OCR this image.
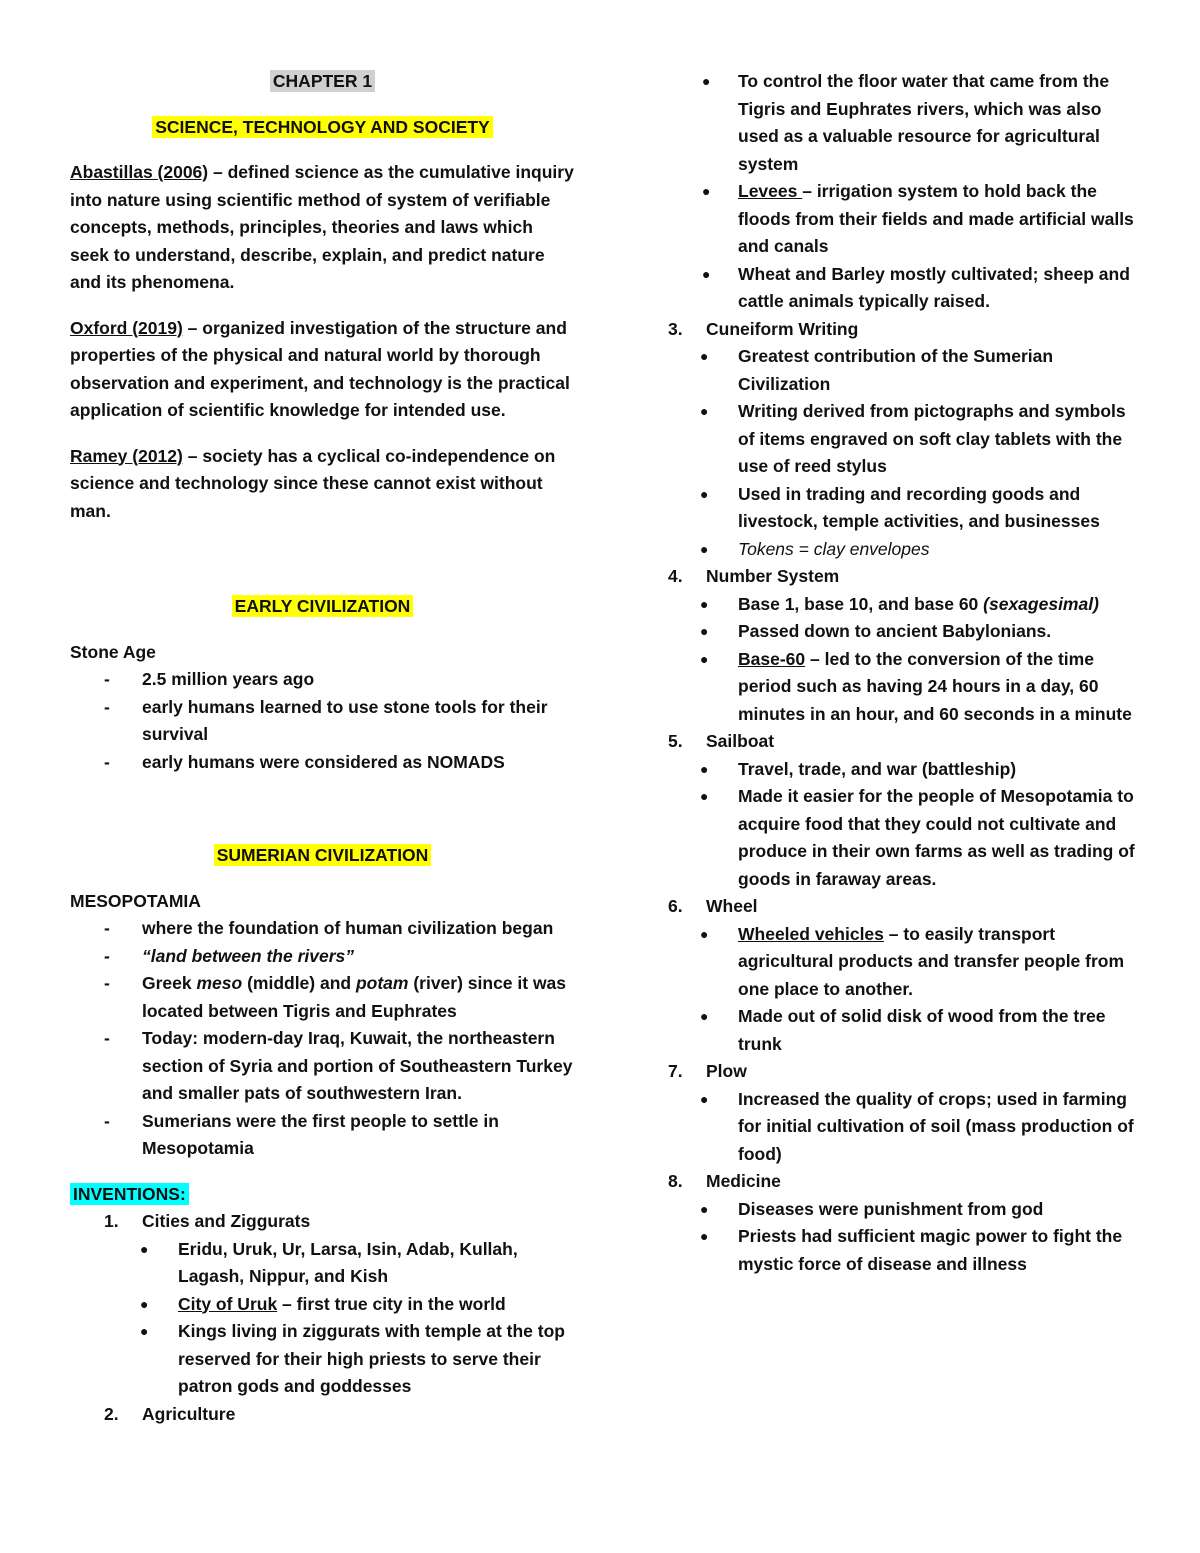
CHAPTER 1

SCIENCE, TECHNOLOGY AND SOCIETY

Abastillas (2006) – defined science as the cumulative inquiry into nature using scientific method of system of verifiable concepts, methods, principles, theories and laws which seek to understand, describe, explain, and predict nature and its phenomena.

Oxford (2019) – organized investigation of the structure and properties of the physical and natural world by thorough observation and experiment, and technology is the practical application of scientific knowledge for intended use.

Ramey (2012) – society has a cyclical co-independence on science and technology since these cannot exist without man.

EARLY CIVILIZATION

Stone Age

- 2.5 million years ago
- early humans learned to use stone tools for their survival
- early humans were considered as NOMADS

SUMERIAN CIVILIZATION

MESOPOTAMIA

- where the foundation of human civilization began
- “land between the rivers”
- Greek meso (middle) and potam (river) since it was located between Tigris and Euphrates
- Today: modern-day Iraq, Kuwait, the northeastern section of Syria and portion of Southeastern Turkey and smaller pats of southwestern Iran.
- Sumerians were the first people to settle in Mesopotamia

INVENTIONS:

1. Cities and Ziggurats
● Eridu, Uruk, Ur, Larsa, Isin, Adab, Kullah, Lagash, Nippur, and Kish
● City of Uruk – first true city in the world
● Kings living in ziggurats with temple at the top reserved for their high priests to serve their patron gods and goddesses
2. Agriculture
● To control the floor water that came from the Tigris and Euphrates rivers, which was also used as a valuable resource for agricultural system
● Levees – irrigation system to hold back the floods from their fields and made artificial walls and canals
● Wheat and Barley mostly cultivated; sheep and cattle animals typically raised.
3. Cuneiform Writing
● Greatest contribution of the Sumerian Civilization
● Writing derived from pictographs and symbols of items engraved on soft clay tablets with the use of reed stylus
● Used in trading and recording goods and livestock, temple activities, and businesses
● Tokens = clay envelopes
4. Number System
● Base 1, base 10, and base 60 (sexagesimal)
● Passed down to ancient Babylonians.
● Base-60 – led to the conversion of the time period such as having 24 hours in a day, 60 minutes in an hour, and 60 seconds in a minute
5. Sailboat
● Travel, trade, and war (battleship)
● Made it easier for the people of Mesopotamia to acquire food that they could not cultivate and produce in their own farms as well as trading of goods in faraway areas.
6. Wheel
● Wheeled vehicles – to easily transport agricultural products and transfer people from one place to another.
● Made out of solid disk of wood from the tree trunk
7. Plow
● Increased the quality of crops; used in farming for initial cultivation of soil (mass production of food)
8. Medicine
● Diseases were punishment from god
● Priests had sufficient magic power to fight the mystic force of disease and illness
